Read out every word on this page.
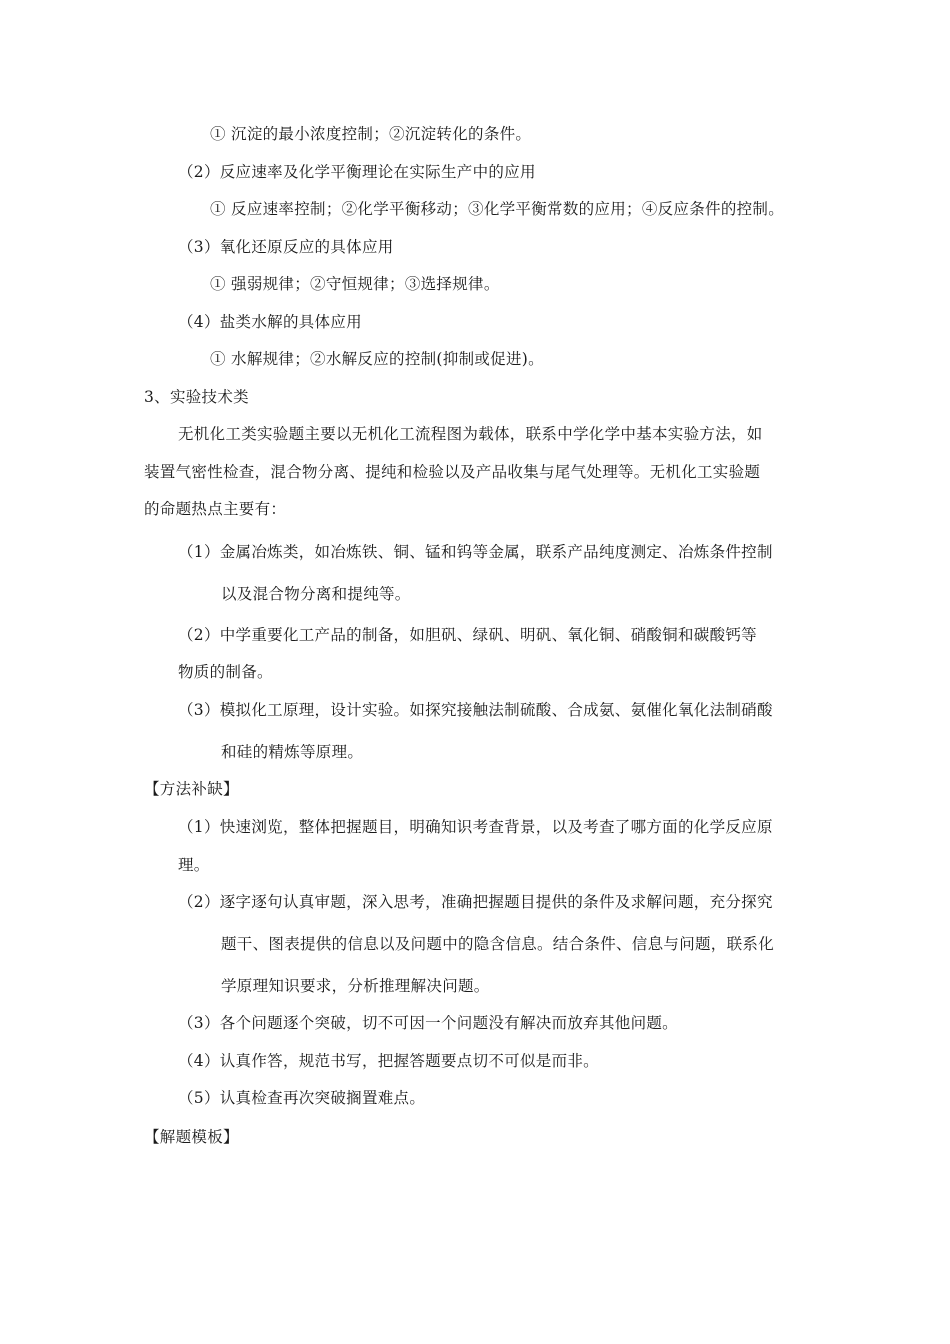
① 沉淀的最小浓度控制；②沉淀转化的条件。
（2）反应速率及化学平衡理论在实际生产中的应用
① 反应速率控制；②化学平衡移动；③化学平衡常数的应用；④反应条件的控制。
（3）氧化还原反应的具体应用
① 强弱规律；②守恒规律；③选择规律。
（4）盐类水解的具体应用
① 水解规律；②水解反应的控制(抑制或促进)。
3、实验技术类
无机化工类实验题主要以无机化工流程图为载体，联系中学化学中基本实验方法，如
装置气密性检查，混合物分离、提纯和检验以及产品收集与尾气处理等。无机化工实验题
的命题热点主要有：
（1）金属冶炼类，如冶炼铁、铜、锰和钨等金属，联系产品纯度测定、冶炼条件控制
以及混合物分离和提纯等。
（2）中学重要化工产品的制备，如胆矾、绿矾、明矾、氧化铜、硝酸铜和碳酸钙等
物质的制备。
（3）模拟化工原理，设计实验。如探究接触法制硫酸、合成氨、氨催化氧化法制硝酸
和硅的精炼等原理。
【方法补缺】
（1）快速浏览，整体把握题目，明确知识考查背景，以及考查了哪方面的化学反应原
理。
（2）逐字逐句认真审题，深入思考，准确把握题目提供的条件及求解问题，充分探究
题干、图表提供的信息以及问题中的隐含信息。结合条件、信息与问题，联系化
学原理知识要求，分析推理解决问题。
（3）各个问题逐个突破，切不可因一个问题没有解决而放弃其他问题。
（4）认真作答，规范书写，把握答题要点切不可似是而非。
（5）认真检查再次突破搁置难点。
【解题模板】
